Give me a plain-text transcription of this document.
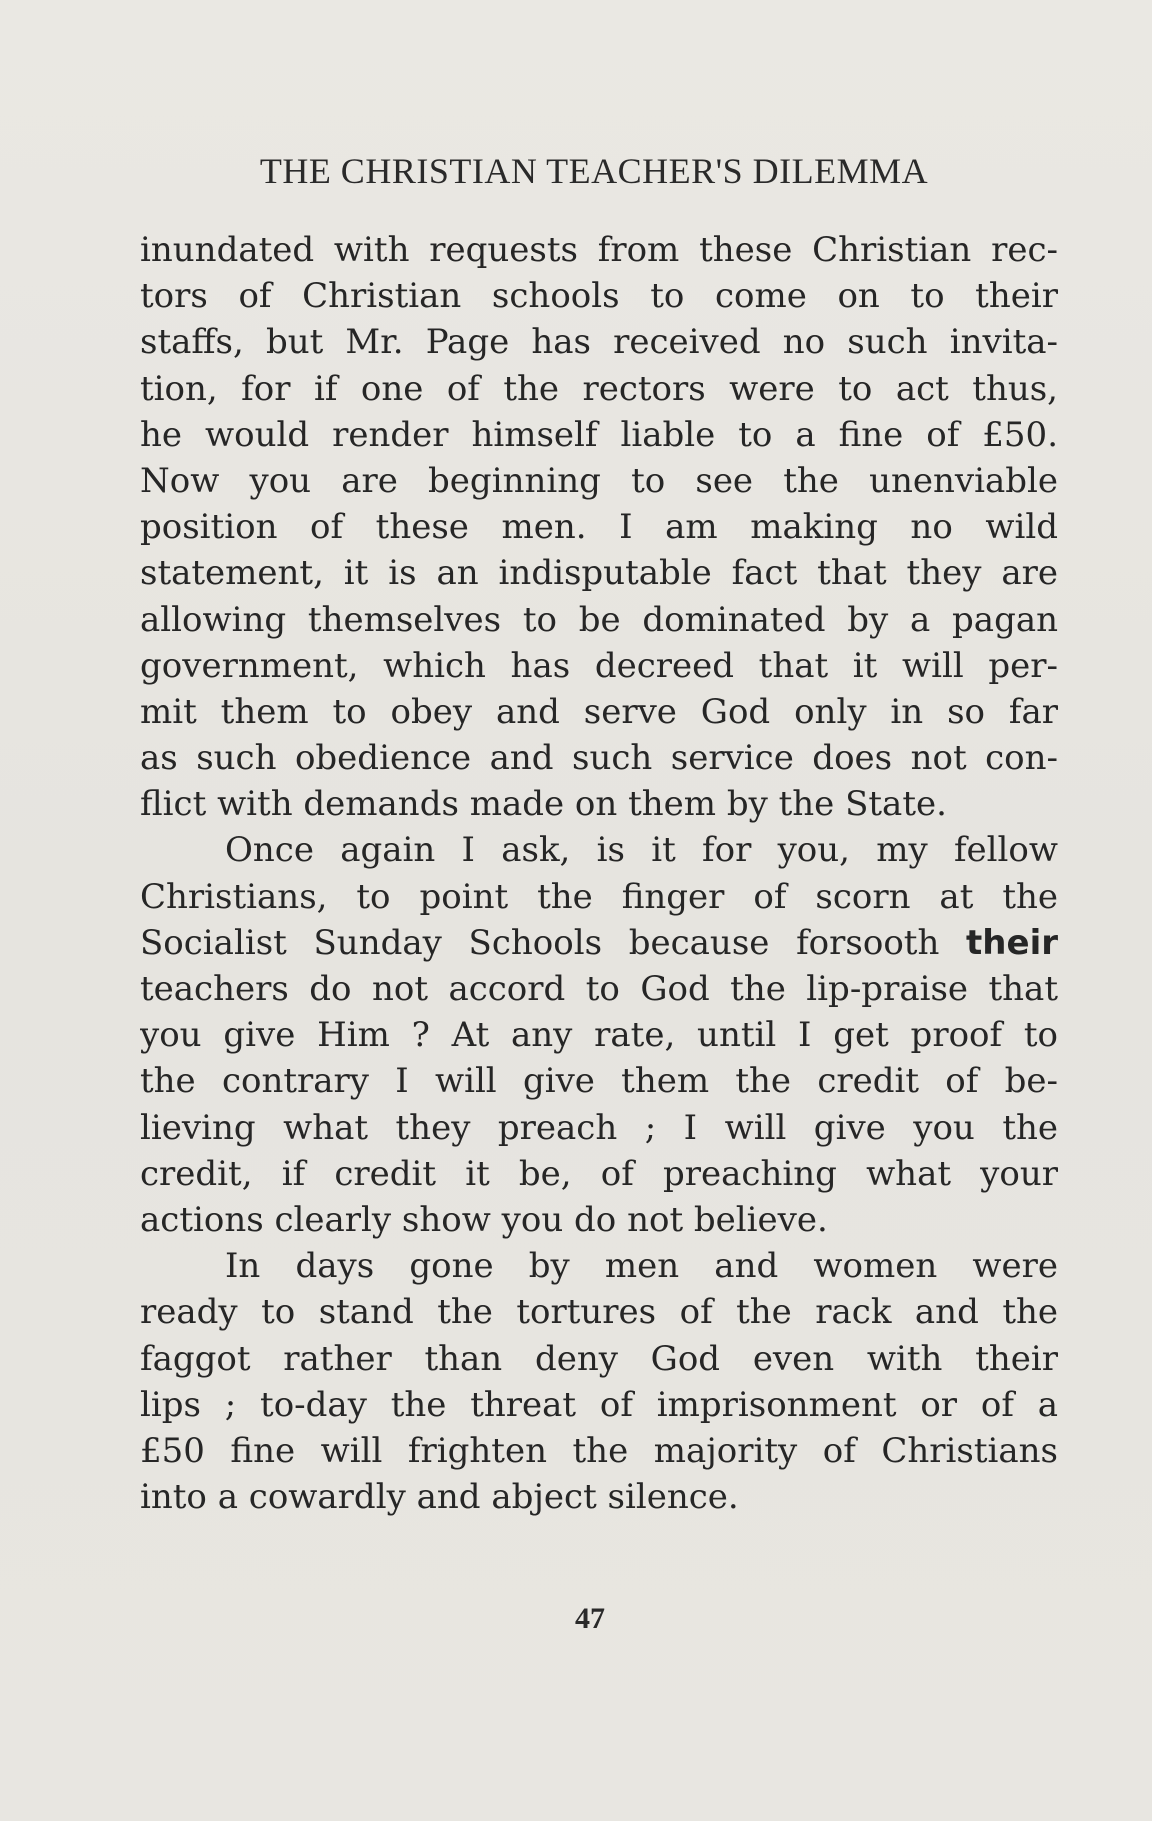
THE CHRISTIAN TEACHER'S DILEMMA
inundated with requests from these Christian rec-
tors of Christian schools to come on to their
staffs, but Mr. Page has received no such invita-
tion, for if one of the rectors were to act thus,
he would render himself liable to a fine of £50.
Now you are beginning to see the unenviable
position of these men. I am making no wild
statement, it is an indisputable fact that they are
allowing themselves to be dominated by a pagan
government, which has decreed that it will per-
mit them to obey and serve God only in so far
as such obedience and such service does not con-
flict with demands made on them by the State.
Once again I ask, is it for you, my fellow
Christians, to point the finger of scorn at the
Socialist Sunday Schools because forsooth their
teachers do not accord to God the lip-praise that
you give Him ? At any rate, until I get proof to
the contrary I will give them the credit of be-
lieving what they preach ; I will give you the
credit, if credit it be, of preaching what your
actions clearly show you do not believe.
In days gone by men and women were
ready to stand the tortures of the rack and the
faggot rather than deny God even with their
lips ; to-day the threat of imprisonment or of a
£50 fine will frighten the majority of Christians
into a cowardly and abject silence.
47
